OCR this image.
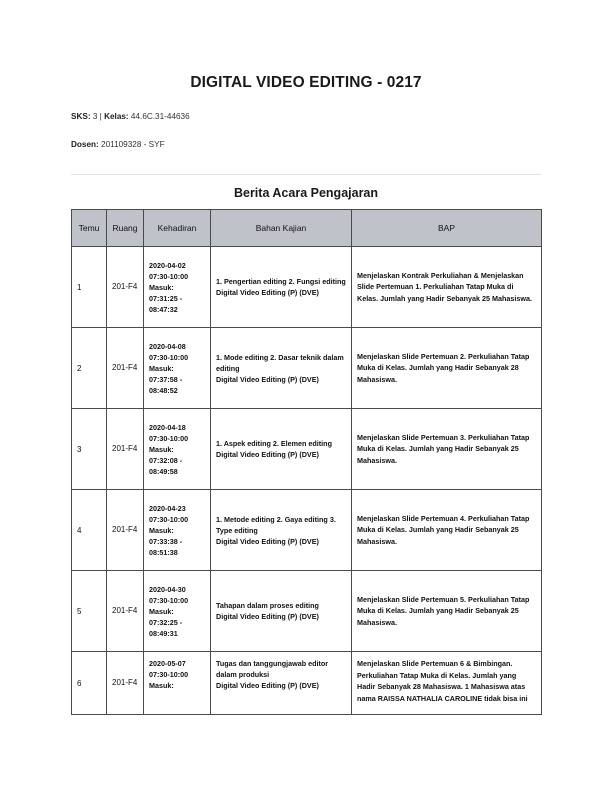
DIGITAL VIDEO EDITING - 0217
SKS: 3 | Kelas: 44.6C.31-44636
Dosen: 201109328 - SYF
Berita Acara Pengajaran
Temu	Ruang	Kehadiran	Bahan Kajian	BAP
1	201-F4	2020-04-02
07:30-10:00
Masuk:
07:31:25 -
08:47:32	1. Pengertian editing 2. Fungsi editing
Digital Video Editing (P) (DVE)	Menjelaskan Kontrak Perkuliahan & Menjelaskan Slide Pertemuan 1. Perkuliahan Tatap Muka di Kelas. Jumlah yang Hadir Sebanyak 25 Mahasiswa.
2	201-F4	2020-04-08
07:30-10:00
Masuk:
07:37:58 -
08:48:52	1. Mode editing 2. Dasar teknik dalam editing
Digital Video Editing (P) (DVE)	Menjelaskan Slide Pertemuan 2. Perkuliahan Tatap Muka di Kelas. Jumlah yang Hadir Sebanyak 28 Mahasiswa.
3	201-F4	2020-04-18
07:30-10:00
Masuk:
07:32:08 -
08:49:58	1. Aspek editing 2. Elemen editing
Digital Video Editing (P) (DVE)	Menjelaskan Slide Pertemuan 3. Perkuliahan Tatap Muka di Kelas. Jumlah yang Hadir Sebanyak 25 Mahasiswa.
4	201-F4	2020-04-23
07:30-10:00
Masuk:
07:33:38 -
08:51:38	1. Metode editing 2. Gaya editing 3. Type editing
Digital Video Editing (P) (DVE)	Menjelaskan Slide Pertemuan 4. Perkuliahan Tatap Muka di Kelas. Jumlah yang Hadir Sebanyak 25 Mahasiswa.
5	201-F4	2020-04-30
07:30-10:00
Masuk:
07:32:25 -
08:49:31	Tahapan dalam proses editing
Digital Video Editing (P) (DVE)	Menjelaskan Slide Pertemuan 5. Perkuliahan Tatap Muka di Kelas. Jumlah yang Hadir Sebanyak 25 Mahasiswa.
6	201-F4	2020-05-07
07:30-10:00
Masuk:	Tugas dan tanggungjawab editor dalam produksi
Digital Video Editing (P) (DVE)	Menjelaskan Slide Pertemuan 6 & Bimbingan. Perkuliahan Tatap Muka di Kelas. Jumlah yang Hadir Sebanyak 28 Mahasiswa. 1 Mahasiswa atas nama RAISSA NATHALIA CAROLINE tidak bisa ini
